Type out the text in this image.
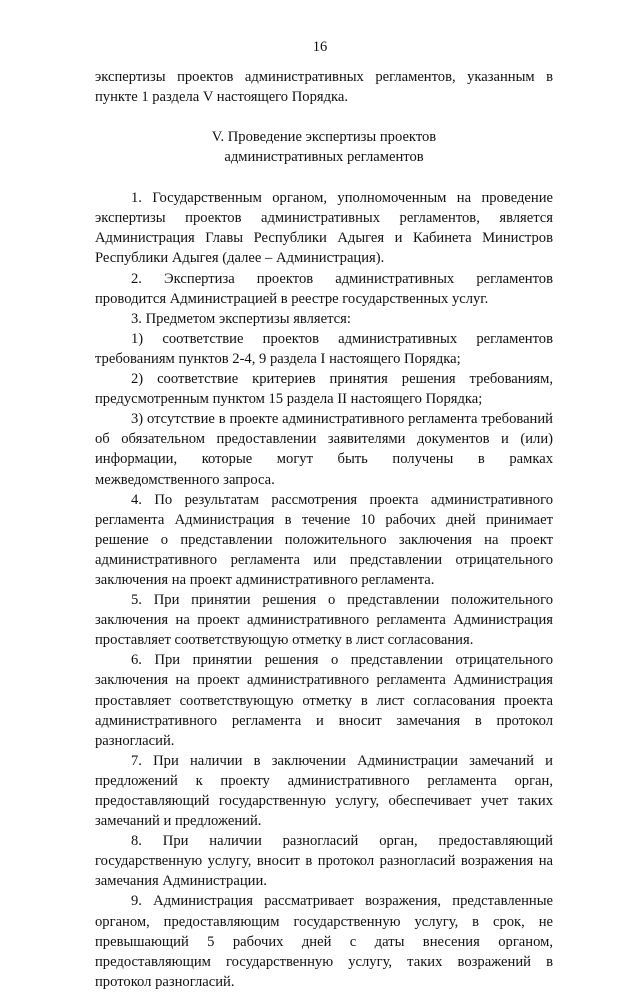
16

экспертизы проектов административных регламентов, указанным в пункте 1 раздела V настоящего Порядка.

V. Проведение экспертизы проектов
административных регламентов

1. Государственным органом, уполномоченным на проведение экспертизы проектов административных регламентов, является Администрация Главы Республики Адыгея и Кабинета Министров Республики Адыгея (далее – Администрация).

2. Экспертиза проектов административных регламентов проводится Администрацией в реестре государственных услуг.

3. Предметом экспертизы является:

1) соответствие проектов административных регламентов требованиям пунктов 2-4, 9 раздела I настоящего Порядка;

2) соответствие критериев принятия решения требованиям, предусмотренным пунктом 15 раздела II настоящего Порядка;

3) отсутствие в проекте административного регламента требований об обязательном предоставлении заявителями документов и (или) информации, которые могут быть получены в рамках межведомственного запроса.

4. По результатам рассмотрения проекта административного регламента Администрация в течение 10 рабочих дней принимает решение о представлении положительного заключения на проект административного регламента или представлении отрицательного заключения на проект административного регламента.

5. При принятии решения о представлении положительного заключения на проект административного регламента Администрация проставляет соответствующую отметку в лист согласования.

6. При принятии решения о представлении отрицательного заключения на проект административного регламента Администрация проставляет соответствующую отметку в лист согласования проекта административного регламента и вносит замечания в протокол разногласий.

7. При наличии в заключении Администрации замечаний и предложений к проекту административного регламента орган, предоставляющий государственную услугу, обеспечивает учет таких замечаний и предложений.

8. При наличии разногласий орган, предоставляющий государственную услугу, вносит в протокол разногласий возражения на замечания Администрации.

9. Администрация рассматривает возражения, представленные органом, предоставляющим государственную услугу, в срок, не превышающий 5 рабочих дней с даты внесения органом, предоставляющим государственную услугу, таких возражений в протокол разногласий.
